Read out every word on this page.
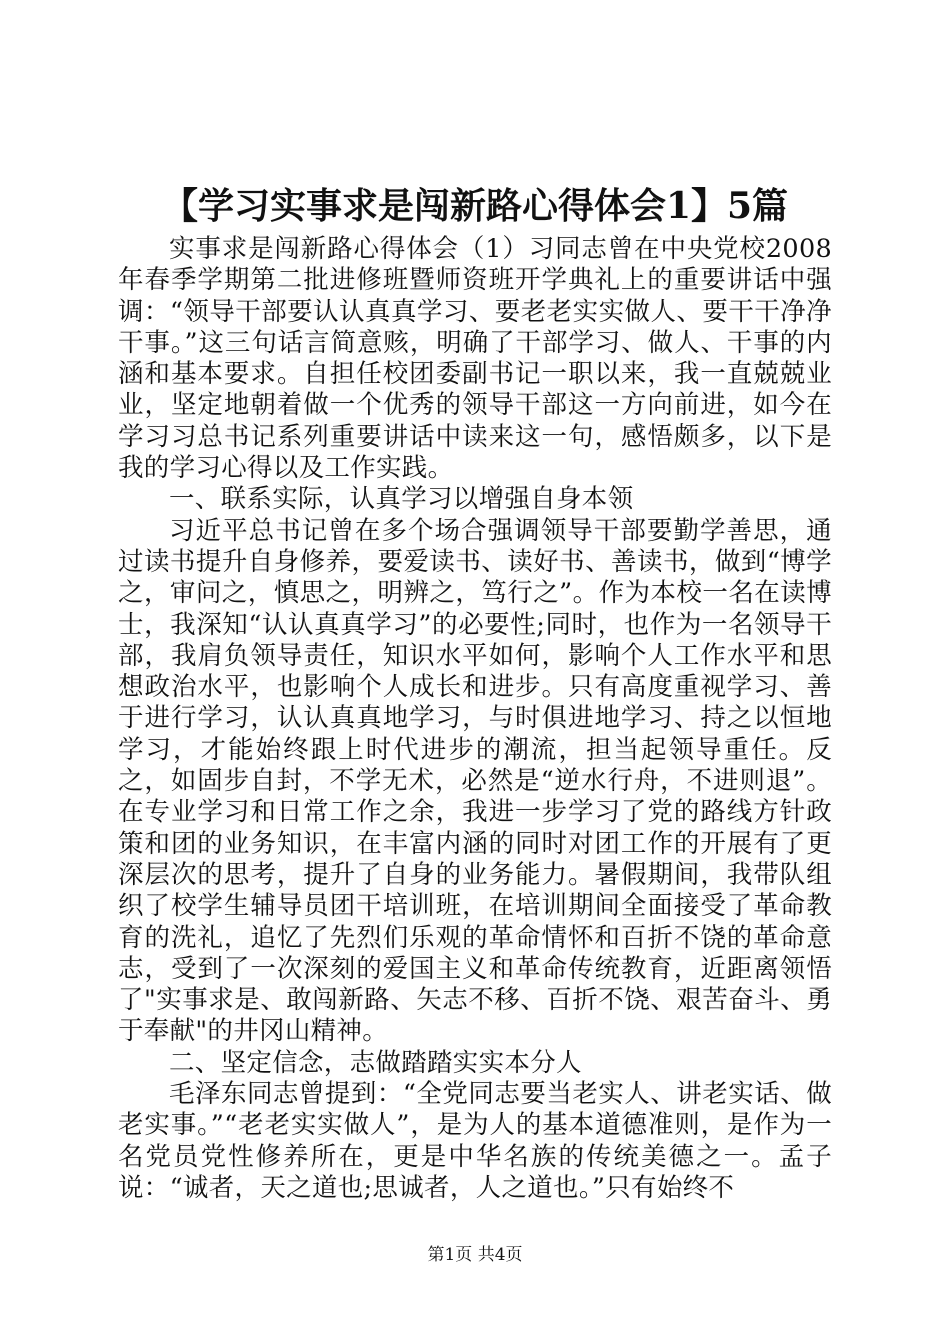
【学习实事求是闯新路心得体会1】5篇

实事求是闯新路心得体会（1）习同志曾在中央党校2008年春季学期第二批进修班暨师资班开学典礼上的重要讲话中强调：“领导干部要认认真真学习、要老老实实做人、要干干净净干事。”这三句话言简意赅，明确了干部学习、做人、干事的内涵和基本要求。自担任校团委副书记一职以来，我一直兢兢业业，坚定地朝着做一个优秀的领导干部这一方向前进，如今在学习习总书记系列重要讲话中读来这一句，感悟颇多，以下是我的学习心得以及工作实践。

一、联系实际，认真学习以增强自身本领

习近平总书记曾在多个场合强调领导干部要勤学善思，通过读书提升自身修养，要爱读书、读好书、善读书，做到“博学之，审问之，慎思之，明辨之，笃行之”。作为本校一名在读博士，我深知“认认真真学习”的必要性;同时，也作为一名领导干部，我肩负领导责任，知识水平如何，影响个人工作水平和思想政治水平，也影响个人成长和进步。只有高度重视学习、善于进行学习，认认真真地学习，与时俱进地学习、持之以恒地学习，才能始终跟上时代进步的潮流，担当起领导重任。反之，如固步自封，不学无术，必然是“逆水行舟，不进则退”。在专业学习和日常工作之余，我进一步学习了党的路线方针政策和团的业务知识，在丰富内涵的同时对团工作的开展有了更深层次的思考，提升了自身的业务能力。暑假期间，我带队组织了校学生辅导员团干培训班，在培训期间全面接受了革命教育的洗礼，追忆了先烈们乐观的革命情怀和百折不饶的革命意志，受到了一次深刻的爱国主义和革命传统教育，近距离领悟了"实事求是、敢闯新路、矢志不移、百折不饶、艰苦奋斗、勇于奉献"的井冈山精神。

二、坚定信念，志做踏踏实实本分人

毛泽东同志曾提到：“全党同志要当老实人、讲老实话、做老实事。”“老老实实做人”，是为人的基本道德准则，是作为一名党员党性修养所在，更是中华名族的传统美德之一。孟子说：“诚者，天之道也;思诚者，人之道也。”只有始终不

第1页 共4页
